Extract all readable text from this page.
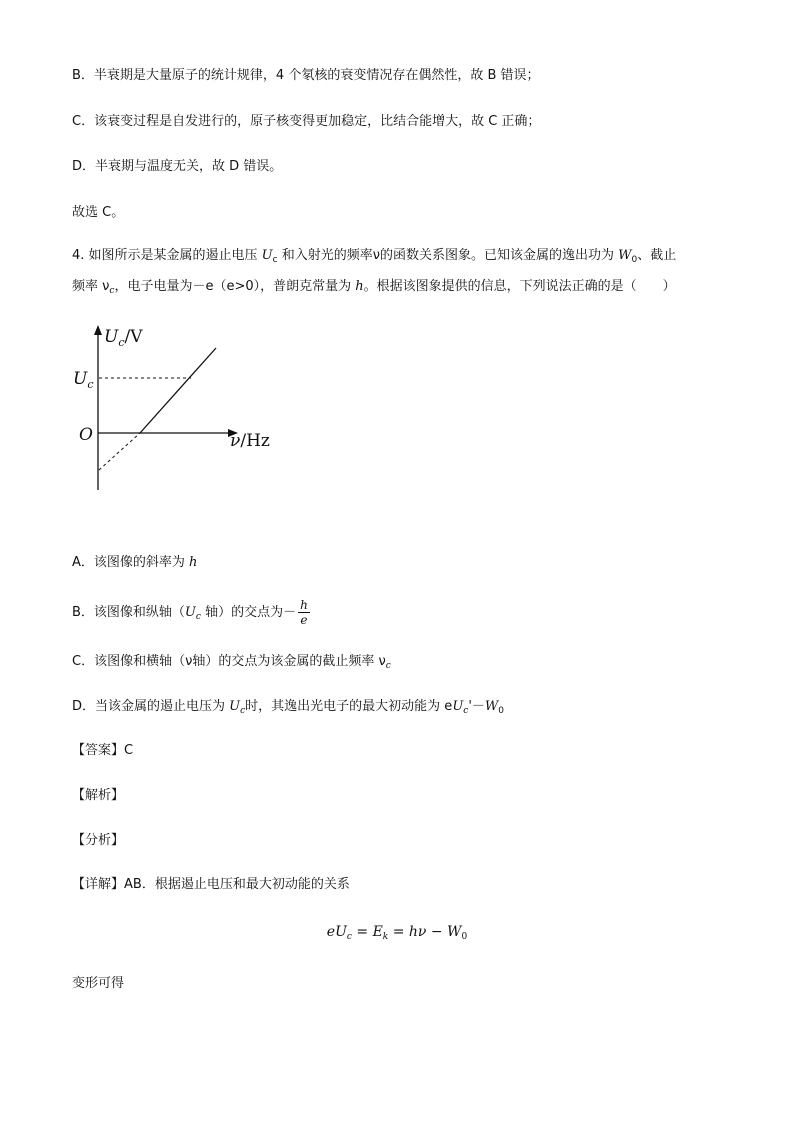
B．半衰期是大量原子的统计规律，4 个氡核的衰变情况存在偶然性，故 B 错误；
C．该衰变过程是自发进行的，原子核变得更加稳定，比结合能增大，故 C 正确；
D．半衰期与温度无关，故 D 错误。
故选 C。
4. 如图所示是某金属的遏止电压 $U_c$ 和入射光的频率ν的函数关系图象。已知该金属的逸出功为 $W_0$、截止
频率 $\nu_c$，电子电量为－e（e>0），普朗克常量为 h。根据该图象提供的信息，下列说法正确的是（　　）
$U_c/V$
$U_c$
O	ν/Hz
A．该图像的斜率为 h
B．该图像和纵轴（$U_c$ 轴）的交点为－ $\frac{h}{e}$
C．该图像和横轴（ν轴）的交点为该金属的截止频率 $\nu_c$
D．当该金属的遏止电压为 $U_c$时，其逸出光电子的最大初动能为 $eU_c'-W_0$
【答案】C
【解析】
【分析】
【详解】AB．根据遏止电压和最大初动能的关系
$eU_c = E_k = h\nu - W_0$
变形可得
